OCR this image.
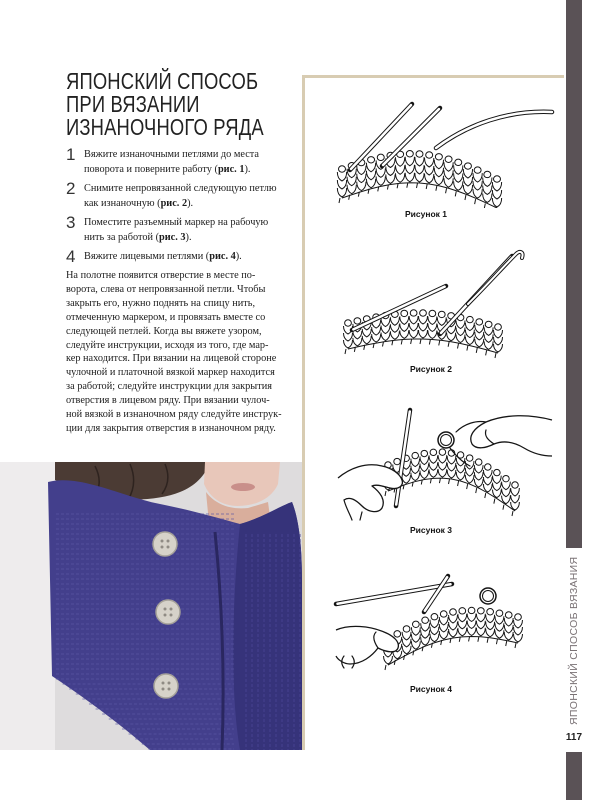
ЯПОНСКИЙ СПОСОБ
ПРИ ВЯЗАНИИ
ИЗНАНОЧНОГО РЯДА
1 Вяжите изнаночными петлями до места
поворота и поверните работу (рис. 1).
2 Снимите непровязанной следующую петлю
как изнаночную (рис. 2).
3 Поместите разъемный маркер на рабочую
нить за работой (рис. 3).
4 Вяжите лицевыми петлями (рис. 4).
На полотне появится отверстие в месте по-
ворота, слева от непровязанной петли. Чтобы
закрыть его, нужно поднять на спицу нить,
отмеченную маркером, и провязать вместе со
следующей петлей. Когда вы вяжете узором,
следуйте инструкции, исходя из того, где мар-
кер находится. При вязании на лицевой стороне
чулочной и платочной вязкой маркер находится
за работой; следуйте инструкции для закрытия
отверстия в лицевом ряду. При вязании чулоч-
ной вязкой в изнаночном ряду следуйте инструк-
ции для закрытия отверстия в изнаночном ряду.
Рисунок 1
Рисунок 2
Рисунок 3
Рисунок 4	ЯПОНСКИЙ СПОСОБ ВЯЗАНИЯ
117
